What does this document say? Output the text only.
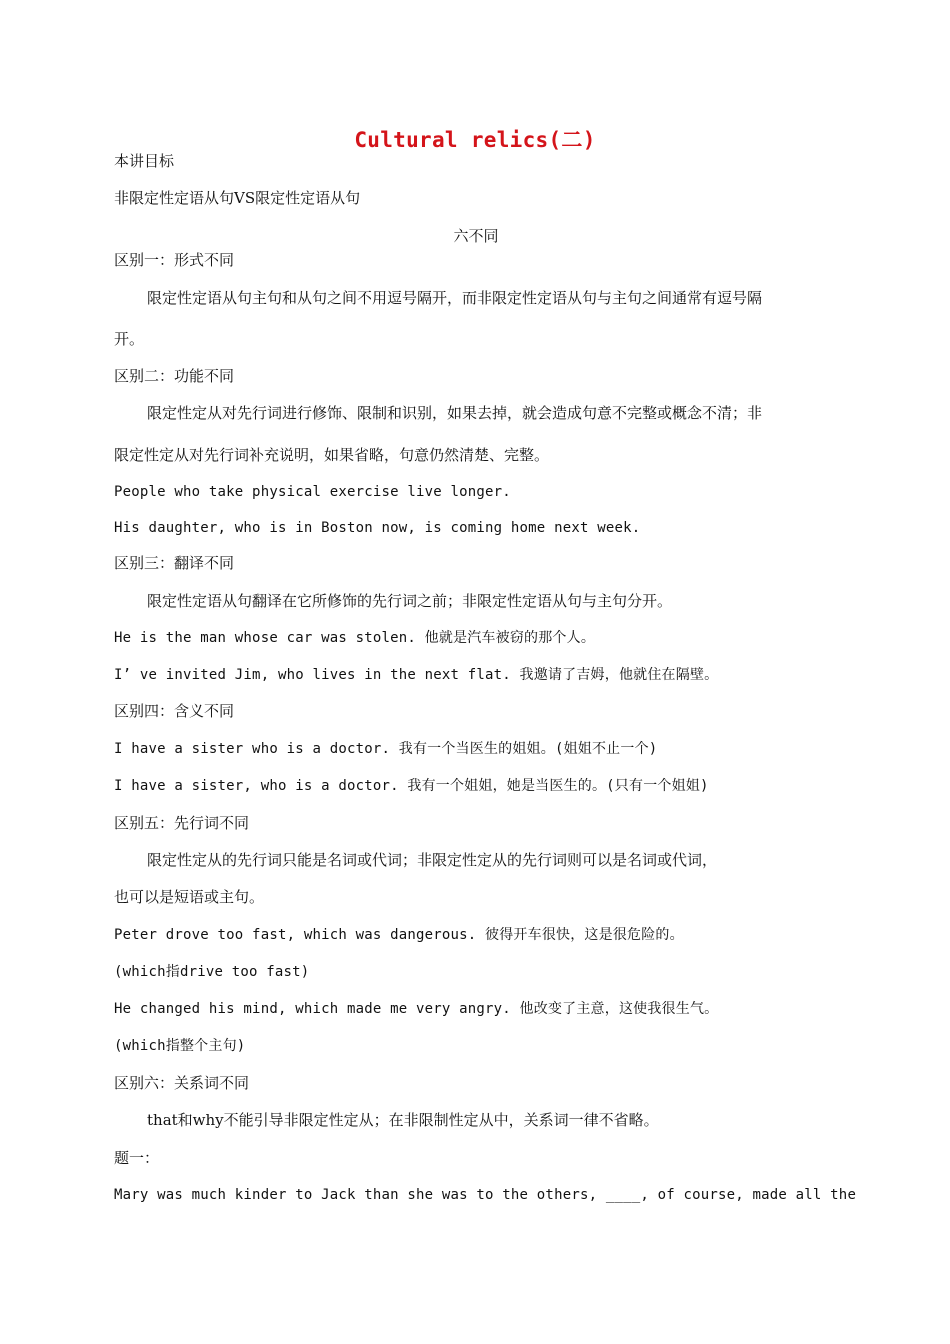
Cultural relics(二)
本讲目标
非限定性定语从句VS限定性定语从句
六不同
区别一：形式不同
限定性定语从句主句和从句之间不用逗号隔开，而非限定性定语从句与主句之间通常有逗号隔
开。
区别二：功能不同
限定性定从对先行词进行修饰、限制和识别，如果去掉，就会造成句意不完整或概念不清；非
限定性定从对先行词补充说明，如果省略，句意仍然清楚、完整。
People who take physical exercise live longer.
His daughter, who is in Boston now, is coming home next week.
区别三：翻译不同
限定性定语从句翻译在它所修饰的先行词之前；非限定性定语从句与主句分开。
He is the man whose car was stolen. 他就是汽车被窃的那个人。
I’ ve invited Jim, who lives in the next flat. 我邀请了吉姆，他就住在隔壁。
区别四：含义不同
I have a sister who is a doctor. 我有一个当医生的姐姐。(姐姐不止一个)
I have a sister, who is a doctor. 我有一个姐姐，她是当医生的。(只有一个姐姐)
区别五：先行词不同
限定性定从的先行词只能是名词或代词；非限定性定从的先行词则可以是名词或代词，
也可以是短语或主句。
Peter drove too fast, which was dangerous. 彼得开车很快，这是很危险的。
(which指drive too fast)
He changed his mind, which made me very angry. 他改变了主意，这使我很生气。
(which指整个主句)
区别六：关系词不同
that和why不能引导非限定性定从；在非限制性定从中，关系词一律不省略。
题一：
Mary was much kinder to Jack than she was to the others, ____, of course, made all the
